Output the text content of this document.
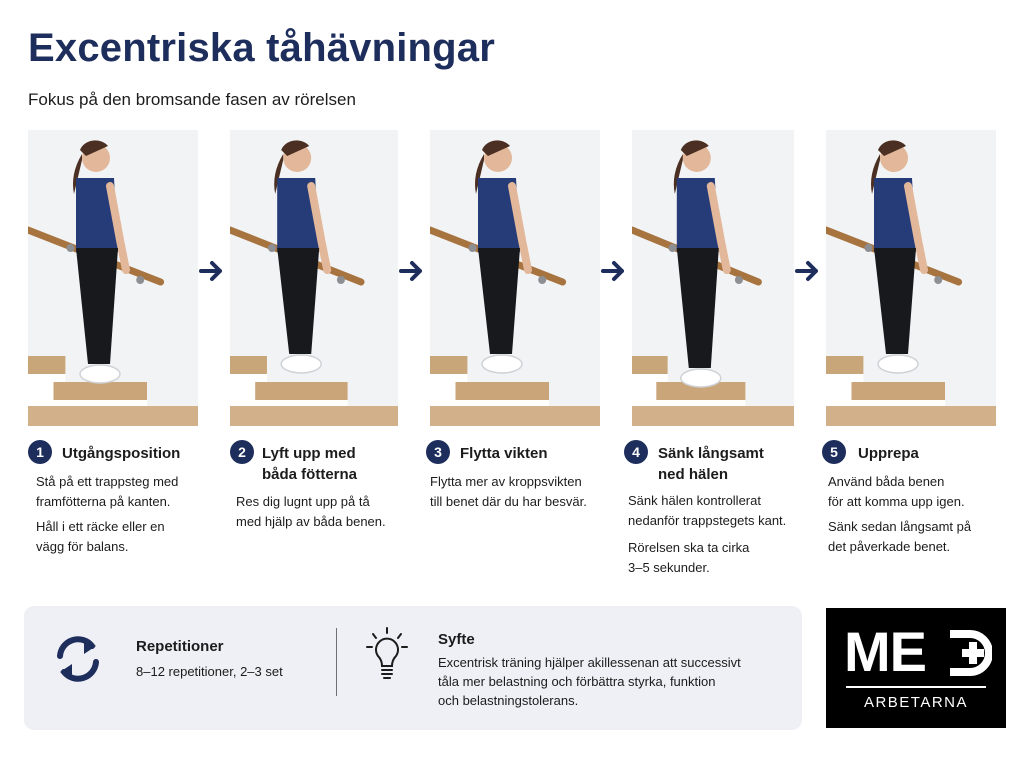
Excentriska tåhävningar
Fokus på den bromsande fasen av rörelsen
1	Utgångsposition
Stå på ett trappsteg med
framfötterna på kanten.
Håll i ett räcke eller en
vägg för balans.
2	Lyft upp med
båda fötterna
Res dig lugnt upp på tå
med hjälp av båda benen.
3	Flytta vikten
Flytta mer av kroppsvikten
till benet där du har besvär.
4	Sänk långsamt
ned hälen
Sänk hälen kontrollerat
nedanför trappstegets kant.
Rörelsen ska ta cirka
3–5 sekunder.
5	Upprepa
Använd båda benen
för att komma upp igen.
Sänk sedan långsamt på
det påverkade benet.
Repetitioner
8–12 repetitioner, 2–3 set
Syfte
Excentrisk träning hjälper akillessenan att successivt
tåla mer belastning och förbättra styrka, funktion
och belastningstolerans.
ME
ARBETARNA
